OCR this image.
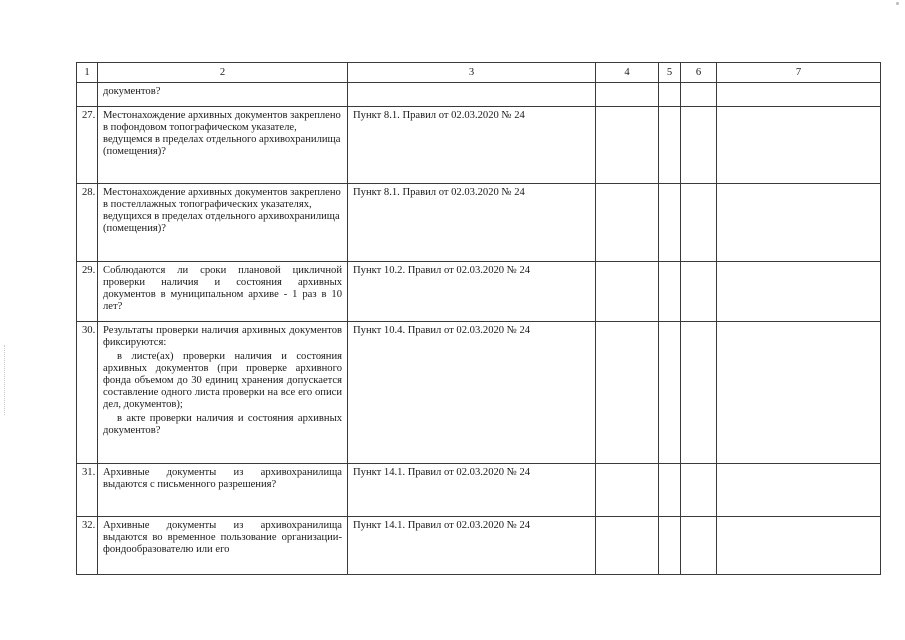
1	2	3	4	5	6	7

	документов?					

27.	Местонахождение архивных документов закреплено в пофондовом топографическом указателе, ведущемся в пределах отдельного архивохранилища (помещения)?	Пункт 8.1. Правил от 02.03.2020 № 24				
28.	Местонахождение архивных документов закреплено в постеллажных топографических указателях, ведущихся в пределах отдельного архивохранилища (помещения)?	Пункт 8.1. Правил от 02.03.2020 № 24				
29.	Соблюдаются ли сроки плановой цикличной проверки наличия и состояния архивных документов в муниципальном архиве - 1 раз в 10 лет?	Пункт 10.2. Правил от 02.03.2020 № 24				
30.	Результаты проверки наличия архивных документов фиксируются:

в листе(ах) проверки наличия и состояния архивных документов (при проверке архивного фонда объемом до 30 единиц хранения допускается составление одного листа проверки на все его описи дел, документов);

в акте проверки наличия и состояния архивных документов?	Пункт 10.4. Правил от 02.03.2020 № 24				
31.	Архивные документы из архивохранилища выдаются с письменного разрешения?	Пункт 14.1. Правил от 02.03.2020 № 24				
32.	Архивные документы из архивохранилища выдаются во временное пользование организации-фондообразователю или его	Пункт 14.1. Правил от 02.03.2020 № 24				
